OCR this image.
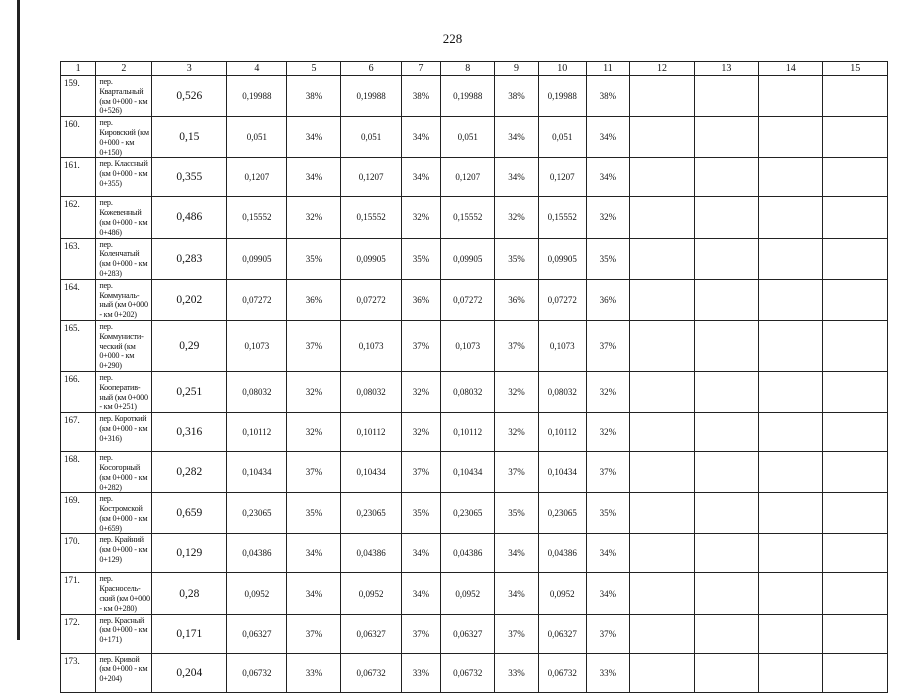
228
1	2	3	4	5	6	7	8	9	10	11	12	13	14	15
159.	пер. Квартальный (км 0+000 - км 0+526)	0,526	0,19988	38%	0,19988	38%	0,19988	38%	0,19988	38%				
160.	пер. Кировский (км 0+000 - км 0+150)	0,15	0,051	34%	0,051	34%	0,051	34%	0,051	34%				
161.	пер. Классный (км 0+000 - км 0+355)	0,355	0,1207	34%	0,1207	34%	0,1207	34%	0,1207	34%				
162.	пер. Кожевенный (км 0+000 - км 0+486)	0,486	0,15552	32%	0,15552	32%	0,15552	32%	0,15552	32%				
163.	пер. Коленчатый (км 0+000 - км 0+283)	0,283	0,09905	35%	0,09905	35%	0,09905	35%	0,09905	35%				
164.	пер. Коммуналь-ный (км 0+000 - км 0+202)	0,202	0,07272	36%	0,07272	36%	0,07272	36%	0,07272	36%				
165.	пер. Коммунисти-ческий (км 0+000 - км 0+290)	0,29	0,1073	37%	0,1073	37%	0,1073	37%	0,1073	37%				
166.	пер. Кооператив-ный (км 0+000 - км 0+251)	0,251	0,08032	32%	0,08032	32%	0,08032	32%	0,08032	32%				
167.	пер. Короткий (км 0+000 - км 0+316)	0,316	0,10112	32%	0,10112	32%	0,10112	32%	0,10112	32%				
168.	пер. Косогорный (км 0+000 - км 0+282)	0,282	0,10434	37%	0,10434	37%	0,10434	37%	0,10434	37%				
169.	пер. Костромской (км 0+000 - км 0+659)	0,659	0,23065	35%	0,23065	35%	0,23065	35%	0,23065	35%				
170.	пер. Крайний (км 0+000 - км 0+129)	0,129	0,04386	34%	0,04386	34%	0,04386	34%	0,04386	34%				
171.	пер. Красносель-ский (км 0+000 - км 0+280)	0,28	0,0952	34%	0,0952	34%	0,0952	34%	0,0952	34%				
172.	пер. Красный (км 0+000 - км 0+171)	0,171	0,06327	37%	0,06327	37%	0,06327	37%	0,06327	37%				
173.	пер. Кривой (км 0+000 - км 0+204)	0,204	0,06732	33%	0,06732	33%	0,06732	33%	0,06732	33%				
